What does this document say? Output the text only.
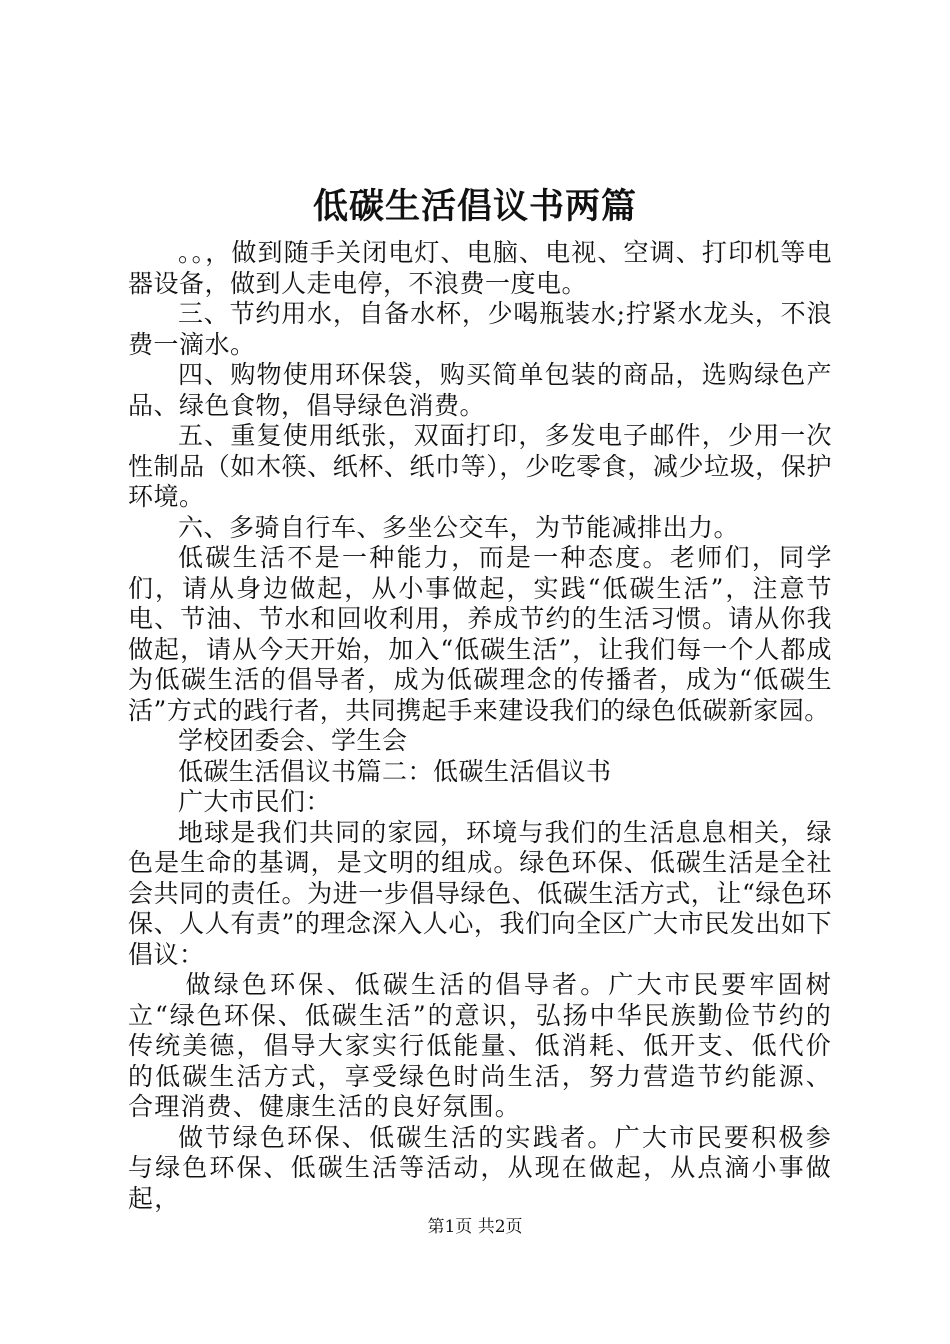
低碳生活倡议书两篇

。。，做到随手关闭电灯、电脑、电视、空调、打印机等电器设备，做到人走电停，不浪费一度电。

三、节约用水，自备水杯，少喝瓶装水;拧紧水龙头，不浪费一滴水。

四、购物使用环保袋，购买简单包装的商品，选购绿色产品、绿色食物，倡导绿色消费。

五、重复使用纸张，双面打印，多发电子邮件，少用一次性制品（如木筷、纸杯、纸巾等），少吃零食，减少垃圾，保护环境。

六、多骑自行车、多坐公交车，为节能减排出力。

低碳生活不是一种能力，而是一种态度。老师们，同学们，请从身边做起，从小事做起，实践“低碳生活”，注意节电、节油、节水和回收利用，养成节约的生活习惯。请从你我做起，请从今天开始，加入“低碳生活”，让我们每一个人都成为低碳生活的倡导者，成为低碳理念的传播者，成为“低碳生活”方式的践行者，共同携起手来建设我们的绿色低碳新家园。

学校团委会、学生会

低碳生活倡议书篇二：低碳生活倡议书

广大市民们：

地球是我们共同的家园，环境与我们的生活息息相关，绿色是生命的基调，是文明的组成。绿色环保、低碳生活是全社会共同的责任。为进一步倡导绿色、低碳生活方式，让“绿色环保、人人有责”的理念深入人心，我们向全区广大市民发出如下倡议：

做绿色环保、低碳生活的倡导者。广大市民要牢固树立“绿色环保、低碳生活”的意识，弘扬中华民族勤俭节约的传统美德，倡导大家实行低能量、低消耗、低开支、低代价的低碳生活方式，享受绿色时尚生活，努力营造节约能源、合理消费、健康生活的良好氛围。

做节绿色环保、低碳生活的实践者。广大市民要积极参与绿色环保、低碳生活等活动，从现在做起，从点滴小事做起，

第1页 共2页
